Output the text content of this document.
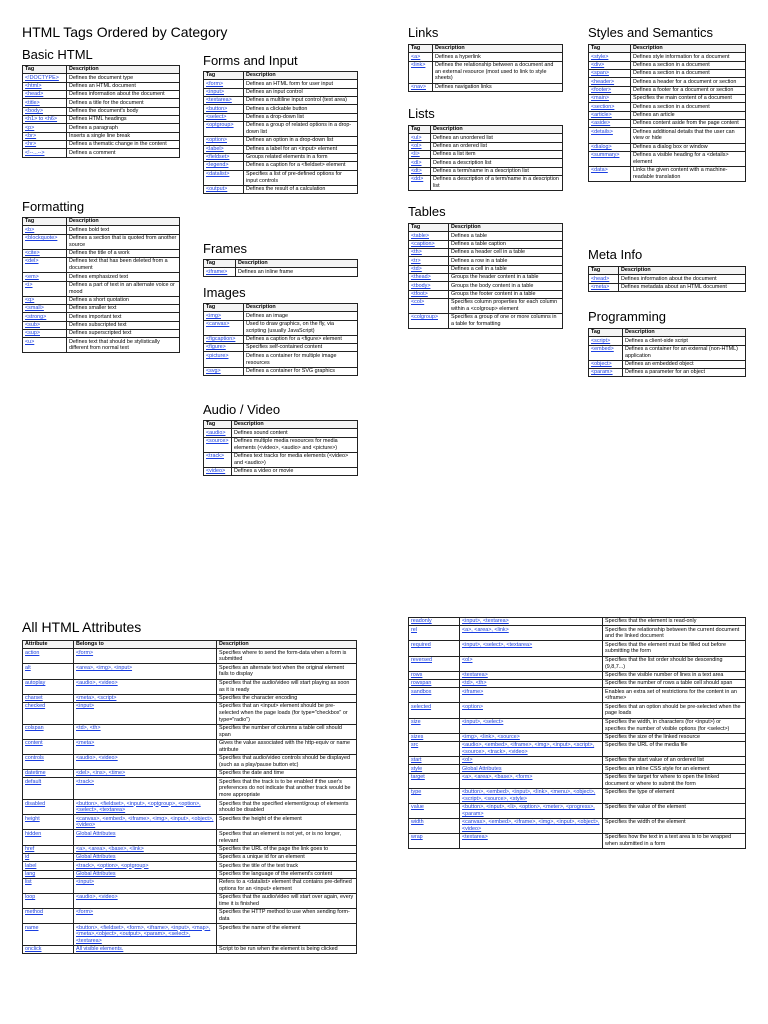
HTML Tags Ordered by Category
Basic HTML
Tag	Description
<!DOCTYPE>	Defines the document type
<html>	Defines an HTML document
<head>	Defines information about the document
<title>	Defines a title for the document
<body>	Defines the document's body
<h1> to <h6>	Defines HTML headings
<p>	Defines a paragraph
<br>	Inserts a single line break
<hr>	Defines a thematic change in the content
<!--...-->	Defines a comment
Formatting
Tag	Description
<b>	Defines bold text
<blockquote>	Defines a section that is quoted from another source
<cite>	Defines the title of a work
<del>	Defines text that has been deleted from a document
<em>	Defines emphasized text
<i>	Defines a part of text in an alternate voice or mood
<q>	Defines a short quotation
<small>	Defines smaller text
<strong>	Defines important text
<sub>	Defines subscripted text
<sup>	Defines superscripted text
<u>	Defines text that should be stylistically different from normal text
Forms and Input
Tag	Description
<form>	Defines an HTML form for user input
<input>	Defines an input control
<textarea>	Defines a multiline input control (text area)
<button>	Defines a clickable button
<select>	Defines a drop-down list
<optgroup>	Defines a group of related options in a drop-down list
<option>	Defines an option in a drop-down list
<label>	Defines a label for an <input> element
<fieldset>	Groups related elements in a form
<legend>	Defines a caption for a <fieldset> element
<datalist>	Specifies a list of pre-defined options for input controls
<output>	Defines the result of a calculation
Frames
Tag	Description
<iframe>	Defines an inline frame
Images
Tag	Description
<img>	Defines an image
<canvas>	Used to draw graphics, on the fly, via scripting (usually JavaScript)
<figcaption>	Defines a caption for a <figure> element
<figure>	Specifies self-contained content
<picture>	Defines a container for multiple image resources
<svg>	Defines a container for SVG graphics
Audio / Video
Tag	Description
<audio>	Defines sound content
<source>	Defines multiple media resources for media elements (<video>, <audio> and <picture>)
<track>	Defines text tracks for media elements (<video> and <audio>)
<video>	Defines a video or movie
Links
Tag	Description
<a>	Defines a hyperlink
<link>	Defines the relationship between a document and an external resource (most used to link to style sheets)
<nav>	Defines navigation links
Lists
Tag	Description
<ul>	Defines an unordered list
<ol>	Defines an ordered list
<li>	Defines a list item
<dl>	Defines a description list
<dt>	Defines a term/name in a description list
<dd>	Defines a description of a term/name in a description list
Tables
Tag	Description
<table>	Defines a table
<caption>	Defines a table caption
<th>	Defines a header cell in a table
<tr>	Defines a row in a table
<td>	Defines a cell in a table
<thead>	Groups the header content in a table
<tbody>	Groups the body content in a table
<tfoot>	Groups the footer content in a table
<col>	Specifies column properties for each column within a <colgroup> element
<colgroup>	Specifies a group of one or more columns in a table for formatting
Styles and Semantics
Tag	Description
<style>	Defines style information for a document
<div>	Defines a section in a document
<span>	Defines a section in a document
<header>	Defines a header for a document or section
<footer>	Defines a footer for a document or section
<main>	Specifies the main content of a document
<section>	Defines a section in a document
<article>	Defines an article
<aside>	Defines content aside from the page content
<details>	Defines additional details that the user can view or hide
<dialog>	Defines a dialog box or window
<summary>	Defines a visible heading for a <details> element
<data>	Links the given content with a machine-readable translation
Meta Info
Tag	Description
<head>	Defines information about the document
<meta>	Defines metadata about an HTML document
Programming
Tag	Description
<script>	Defines a client-side script
<embed>	Defines a container for an external (non-HTML) application
<object>	Defines an embedded object
<param>	Defines a parameter for an object
All HTML Attributes
Attribute	Belongs to	Description
action	<form>	Specifies where to send the form-data when a form is submitted
alt	<area>, <img>, <input>	Specifies an alternate text when the original element fails to display
autoplay	<audio>, <video>	Specifies that the audio/video will start playing as soon as it is ready
charset	<meta>, <script>	Specifies the character encoding
checked	<input>	Specifies that an <input> element should be pre-selected when the page loads (for type="checkbox" or type="radio")
colspan	<td>, <th>	Specifies the number of columns a table cell should span
content	<meta>	Gives the value associated with the http-equiv or name attribute
controls	<audio>, <video>	Specifies that audio/video controls should be displayed (such as a play/pause button etc)
datetime	<del>, <ins>, <time>	Specifies the date and time
default	<track>	Specifies that the track is to be enabled if the user's preferences do not indicate that another track would be more appropriate
disabled	<button>, <fieldset>, <input>, <optgroup>, <option>, <select>, <textarea>	Specifies that the specified element/group of elements should be disabled
height	<canvas>, <embed>, <iframe>, <img>, <input>, <object>, <video>	Specifies the height of the element
hidden	Global Attributes	Specifies that an element is not yet, or is no longer, relevant
href	<a>, <area>, <base>, <link>	Specifies the URL of the page the link goes to
id	Global Attributes	Specifies a unique id for an element
label	<track>, <option>, <optgroup>	Specifies the title of the text track
lang	Global Attributes	Specifies the language of the element's content
list	<input>	Refers to a <datalist> element that contains pre-defined options for an <input> element
loop	<audio>, <video>	Specifies that the audio/video will start over again, every time it is finished
method	<form>	Specifies the HTTP method to use when sending form-data
name	<button>, <fieldset>, <form>, <iframe>, <input>, <map>, <meta>,<object>, <output>, <param>, <select>, <textarea>	Specifies the name of the element
onclick	All visible elements.	Script to be run when the element is being clicked
readonly	<input>, <textarea>	Specifies that the element is read-only
rel	<a>, <area>, <link>	Specifies the relationship between the current document and the linked document
required	<input>, <select>, <textarea>	Specifies that the element must be filled out before submitting the form
reversed	<ol>	Specifies that the list order should be descending (9,8,7...)
rows	<textarea>	Specifies the visible number of lines in a text area
rowspan	<td>, <th>	Specifies the number of rows a table cell should span
sandbox	<iframe>	Enables an extra set of restrictions for the content in an <iframe>
selected	<option>	Specifies that an option should be pre-selected when the page loads
size	<input>, <select>	Specifies the width, in characters (for <input>) or specifies the number of visible options (for <select>)
sizes	<img>, <link>, <source>	Specifies the size of the linked resource
src	<audio>, <embed>, <iframe>, <img>, <input>, <script>, <source>, <track>, <video>	Specifies the URL of the media file
start	<ol>	Specifies the start value of an ordered list
style	Global Attributes	Specifies an inline CSS style for an element
target	<a>, <area>, <base>, <form>	Specifies the target for where to open the linked document or where to submit the form
type	<button>, <embed>, <input>, <link>, <menu>, <object>, <script>, <source>, <style>	Specifies the type of element
value	<button>, <input>, <li>, <option>, <meter>, <progress>, <param>	Specifies the value of the element
width	<canvas>, <embed>, <iframe>, <img>, <input>, <object>, <video>	Specifies the width of the element
wrap	<textarea>	Specifies how the text in a text area is to be wrapped when submitted in a form
